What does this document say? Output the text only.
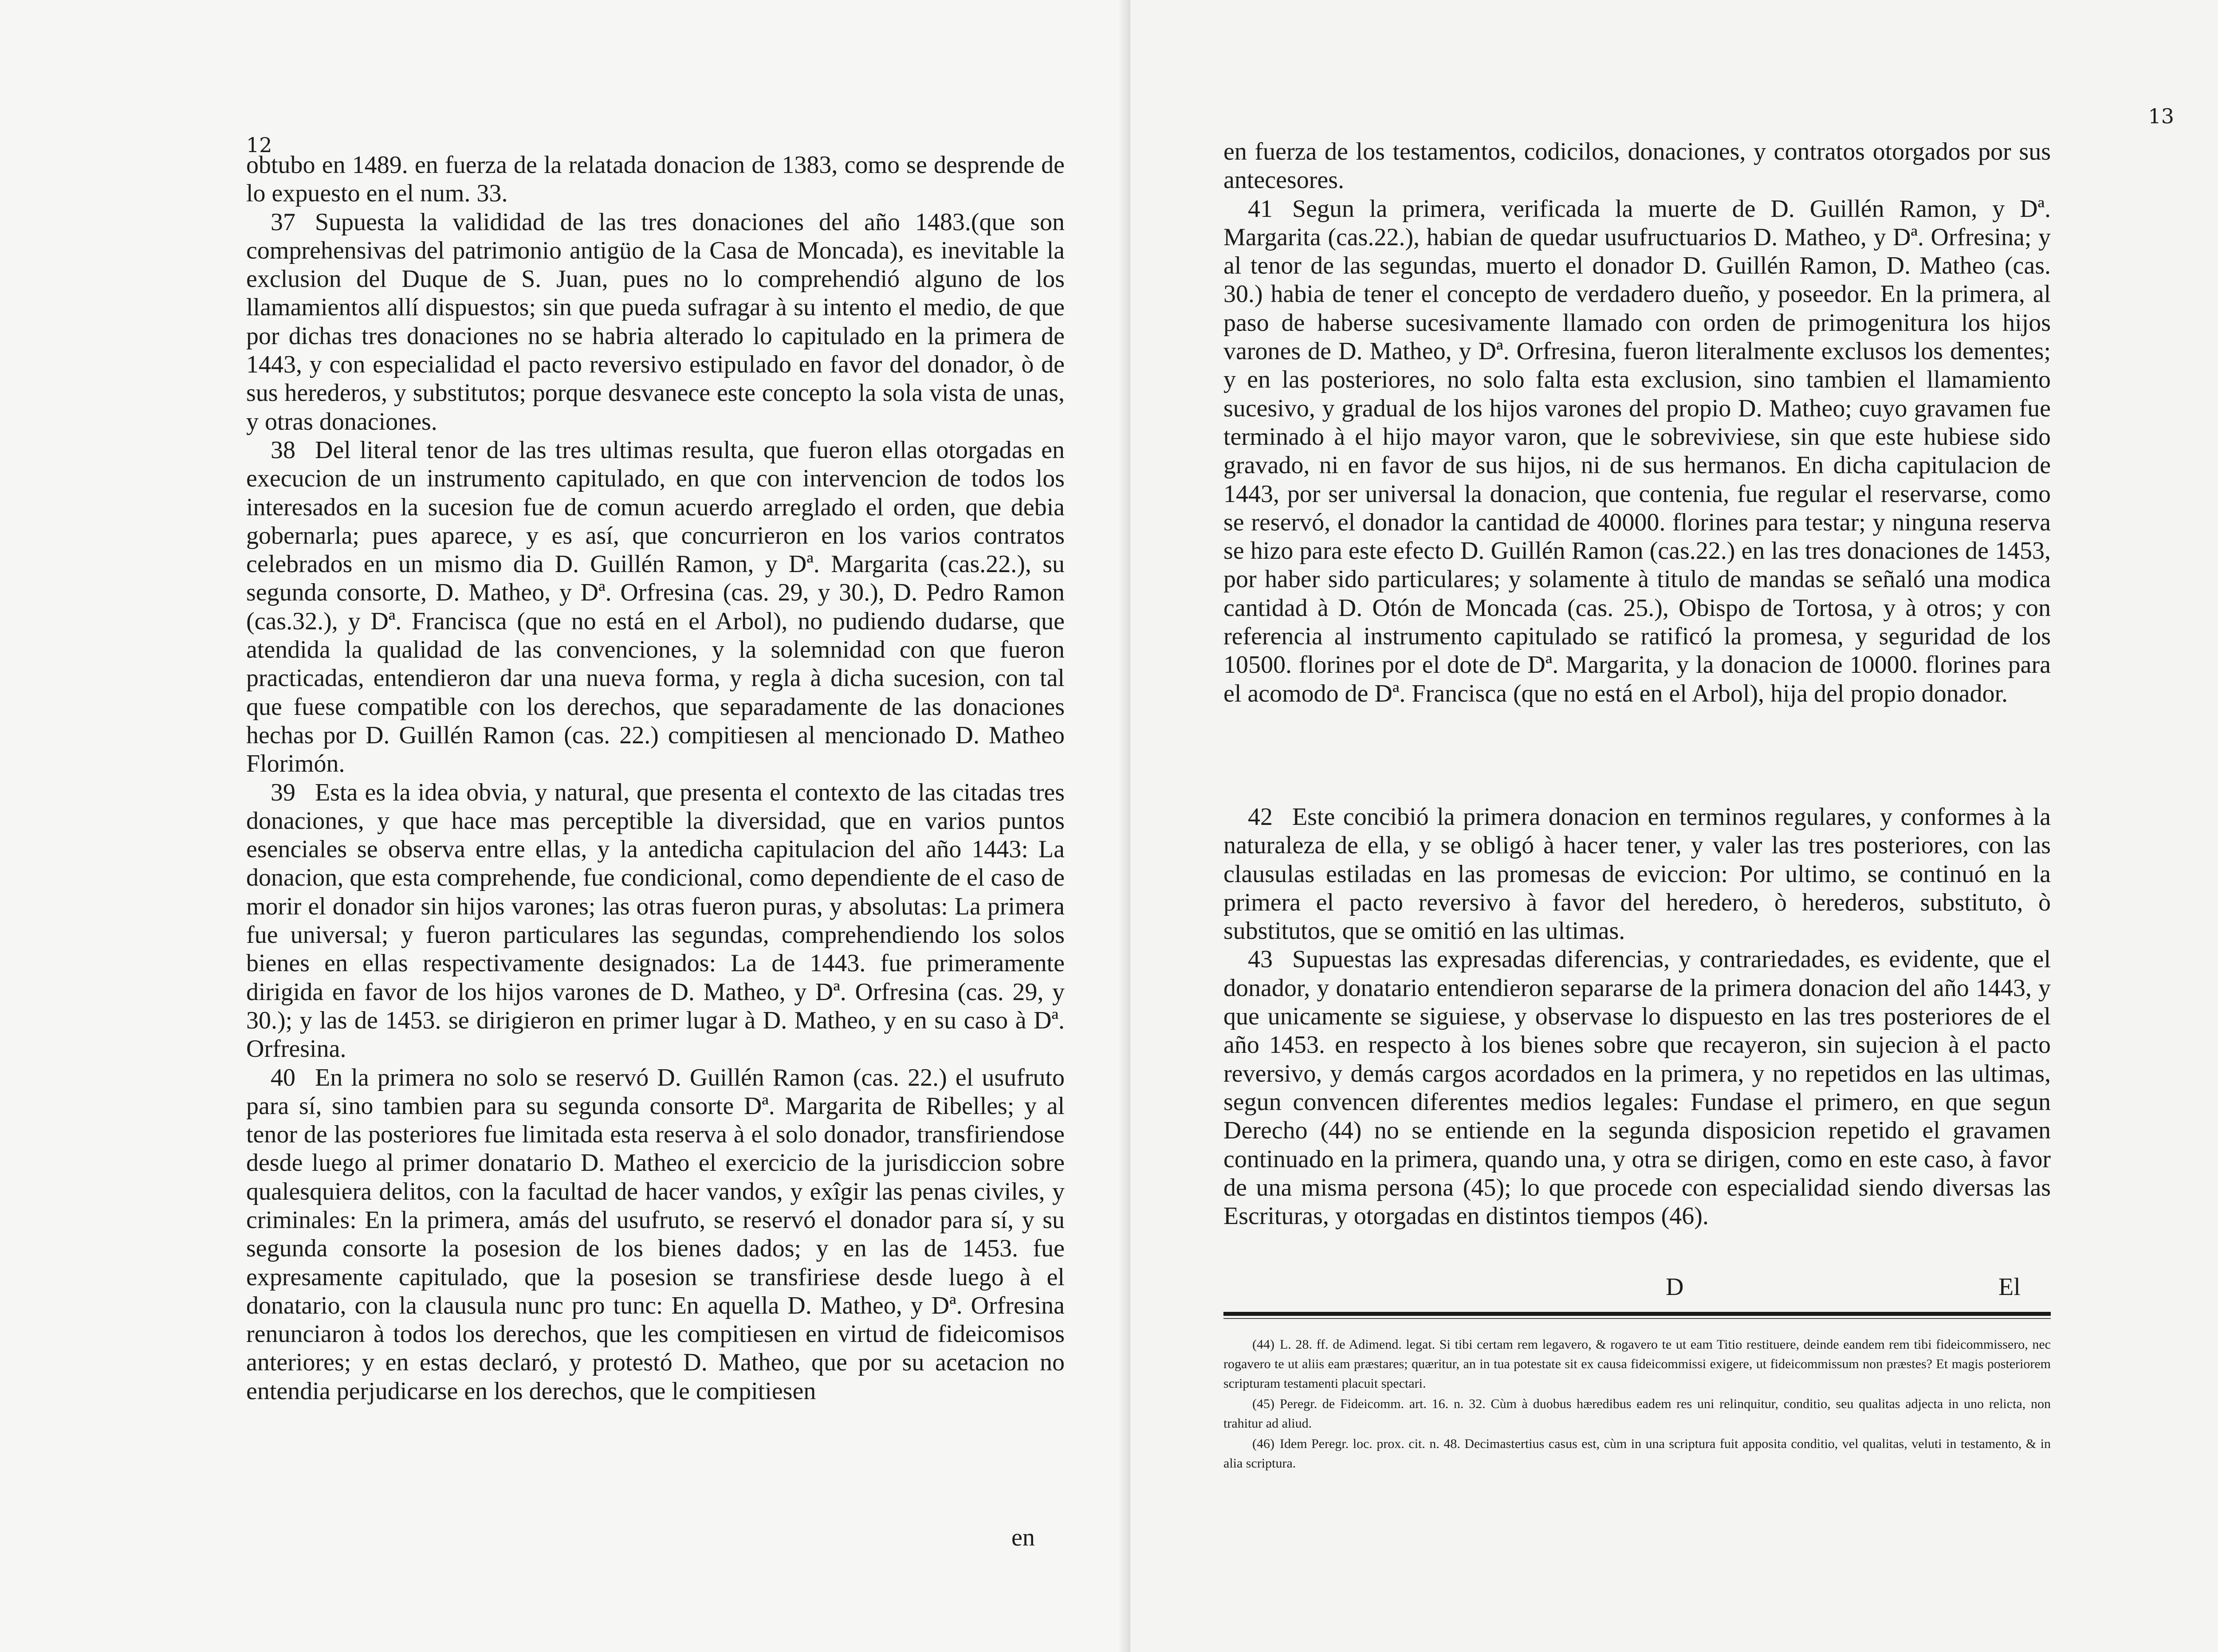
12

obtubo en 1489. en fuerza de la relatada donacion de 1383, como se desprende de lo expuesto en el num. 33.

37 Supuesta la valididad de las tres donaciones del año 1483.(que son comprehensivas del patrimonio antigüo de la Casa de Moncada), es inevitable la exclusion del Duque de S. Juan, pues no lo comprehendió alguno de los llamamientos allí dispuestos; sin que pueda sufragar à su intento el medio, de que por dichas tres donaciones no se habria alterado lo capitulado en la primera de 1443, y con especialidad el pacto reversivo estipulado en favor del donador, ò de sus herederos, y substitutos; porque desvanece este concepto la sola vista de unas, y otras donaciones.

38 Del literal tenor de las tres ultimas resulta, que fueron ellas otorgadas en execucion de un instrumento capitulado, en que con intervencion de todos los interesados en la sucesion fue de comun acuerdo arreglado el orden, que debia gobernarla; pues aparece, y es así, que concurrieron en los varios contratos celebrados en un mismo dia D. Guillén Ramon, y Dª. Margarita (cas.22.), su segunda consorte, D. Matheo, y Dª. Orfresina (cas. 29, y 30.), D. Pedro Ramon (cas.32.), y Dª. Francisca (que no está en el Arbol), no pudiendo dudarse, que atendida la qualidad de las convenciones, y la solemnidad con que fueron practicadas, entendieron dar una nueva forma, y regla à dicha sucesion, con tal que fuese compatible con los derechos, que separadamente de las donaciones hechas por D. Guillén Ramon (cas. 22.) compitiesen al mencionado D. Matheo Florimón.

39 Esta es la idea obvia, y natural, que presenta el contexto de las citadas tres donaciones, y que hace mas perceptible la diversidad, que en varios puntos esenciales se observa entre ellas, y la antedicha capitulacion del año 1443: La donacion, que esta comprehende, fue condicional, como dependiente de el caso de morir el donador sin hijos varones; las otras fueron puras, y absolutas: La primera fue universal; y fueron particulares las segundas, comprehendiendo los solos bienes en ellas respectivamente designados: La de 1443. fue primeramente dirigida en favor de los hijos varones de D. Matheo, y Dª. Orfresina (cas. 29, y 30.); y las de 1453. se dirigieron en primer lugar à D. Matheo, y en su caso à Dª. Orfresina.

40 En la primera no solo se reservó D. Guillén Ramon (cas. 22.) el usufruto para sí, sino tambien para su segunda consorte Dª. Margarita de Ribelles; y al tenor de las posteriores fue limitada esta reserva à el solo donador, transfiriendose desde luego al primer donatario D. Matheo el exercicio de la jurisdiccion sobre qualesquiera delitos, con la facultad de hacer vandos, y exîgir las penas civiles, y criminales: En la primera, amás del usufruto, se reservó el donador para sí, y su segunda consorte la posesion de los bienes dados; y en las de 1453. fue expresamente capitulado, que la posesion se transfiriese desde luego à el donatario, con la clausula nunc pro tunc: En aquella D. Matheo, y Dª. Orfresina renunciaron à todos los derechos, que les compitiesen en virtud de fideicomisos anteriores; y en estas declaró, y protestó D. Matheo, que por su acetacion no entendia perjudicarse en los derechos, que le compitiesen

en
13

en fuerza de los testamentos, codicilos, donaciones, y contratos otorgados por sus antecesores.

41 Segun la primera, verificada la muerte de D. Guillén Ramon, y Dª. Margarita (cas.22.), habian de quedar usufructuarios D. Matheo, y Dª. Orfresina; y al tenor de las segundas, muerto el donador D. Guillén Ramon, D. Matheo (cas. 30.) habia de tener el concepto de verdadero dueño, y poseedor. En la primera, al paso de haberse sucesivamente llamado con orden de primogenitura los hijos varones de D. Matheo, y Dª. Orfresina, fueron literalmente exclusos los dementes; y en las posteriores, no solo falta esta exclusion, sino tambien el llamamiento sucesivo, y gradual de los hijos varones del propio D. Matheo; cuyo gravamen fue terminado à el hijo mayor varon, que le sobreviviese, sin que este hubiese sido gravado, ni en favor de sus hijos, ni de sus hermanos. En dicha capitulacion de 1443, por ser universal la donacion, que contenia, fue regular el reservarse, como se reservó, el donador la cantidad de 40000. florines para testar; y ninguna reserva se hizo para este efecto D. Guillén Ramon (cas.22.) en las tres donaciones de 1453, por haber sido particulares; y solamente à titulo de mandas se señaló una modica cantidad à D. Otón de Moncada (cas. 25.), Obispo de Tortosa, y à otros; y con referencia al instrumento capitulado se ratificó la promesa, y seguridad de los 10500. florines por el dote de Dª. Margarita, y la donacion de 10000. florines para el acomodo de Dª. Francisca (que no está en el Arbol), hija del propio donador.

42 Este concibió la primera donacion en terminos regulares, y conformes à la naturaleza de ella, y se obligó à hacer tener, y valer las tres posteriores, con las clausulas estiladas en las promesas de eviccion: Por ultimo, se continuó en la primera el pacto reversivo à favor del heredero, ò herederos, substituto, ò substitutos, que se omitió en las ultimas.

43 Supuestas las expresadas diferencias, y contrariedades, es evidente, que el donador, y donatario entendieron separarse de la primera donacion del año 1443, y que unicamente se siguiese, y observase lo dispuesto en las tres posteriores de el año 1453. en respecto à los bienes sobre que recayeron, sin sujecion à el pacto reversivo, y demás cargos acordados en la primera, y no repetidos en las ultimas, segun convencen diferentes medios legales: Fundase el primero, en que segun Derecho (44) no se entiende en la segunda disposicion repetido el gravamen continuado en la primera, quando una, y otra se dirigen, como en este caso, à favor de una misma persona (45); lo que procede con especialidad siendo diversas las Escrituras, y otorgadas en distintos tiempos (46).

D	El

(44) L. 28. ff. de Adimend. legat. Si tibi certam rem legavero, & rogavero te ut eam Titio restituere, deinde eandem rem tibi fideicommissero, nec rogavero te ut aliis eam præstares; quæritur, an in tua potestate sit ex causa fideicommissi exigere, ut fideicommissum non præstes? Et magis posteriorem scripturam testamenti placuit spectari.

(45) Peregr. de Fideicomm. art. 16. n. 32. Cùm à duobus hæredibus eadem res uni relinquitur, conditio, seu qualitas adjecta in uno relicta, non trahitur ad aliud.

(46) Idem Peregr. loc. prox. cit. n. 48. Decimastertius casus est, cùm in una scriptura fuit apposita conditio, vel qualitas, veluti in testamento, & in alia scriptura.
